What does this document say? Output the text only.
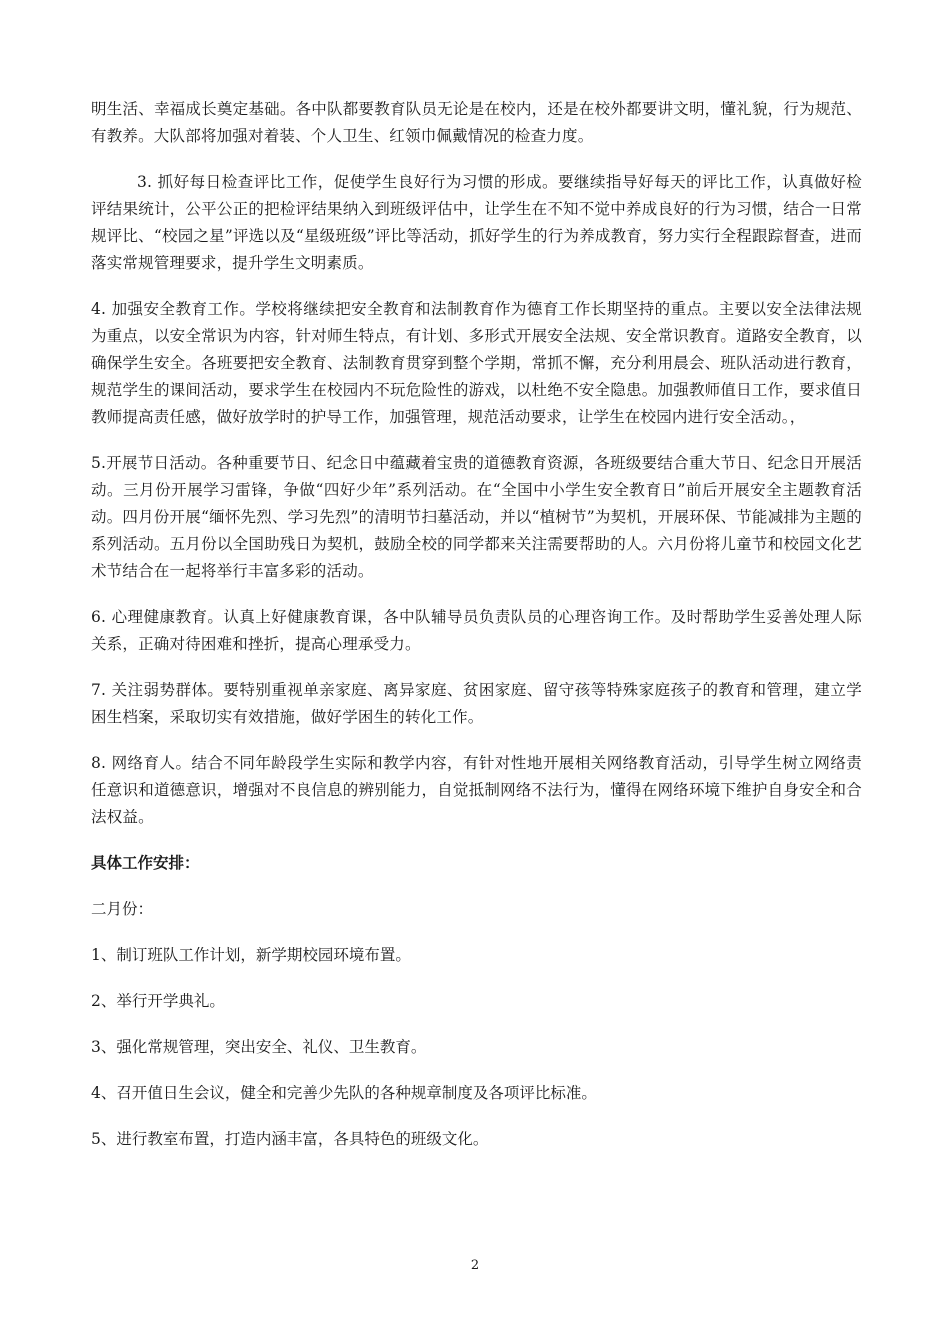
明生活、幸福成长奠定基础。各中队都要教育队员无论是在校内，还是在校外都要讲文明，懂礼貌，行为规范、有教养。大队部将加强对着装、个人卫生、红领巾佩戴情况的检查力度。

3. 抓好每日检查评比工作，促使学生良好行为习惯的形成。要继续指导好每天的评比工作，认真做好检评结果统计，公平公正的把检评结果纳入到班级评估中，让学生在不知不觉中养成良好的行为习惯，结合一日常规评比、“校园之星”评选以及“星级班级”评比等活动，抓好学生的行为养成教育，努力实行全程跟踪督查，进而落实常规管理要求，提升学生文明素质。

4. 加强安全教育工作。学校将继续把安全教育和法制教育作为德育工作长期坚持的重点。主要以安全法律法规为重点，以安全常识为内容，针对师生特点，有计划、多形式开展安全法规、安全常识教育。道路安全教育，以确保学生安全。各班要把安全教育、法制教育贯穿到整个学期，常抓不懈，充分利用晨会、班队活动进行教育，规范学生的课间活动，要求学生在校园内不玩危险性的游戏，以杜绝不安全隐患。加强教师值日工作，要求值日教师提高责任感，做好放学时的护导工作，加强管理，规范活动要求，让学生在校园内进行安全活动。，

5.开展节日活动。各种重要节日、纪念日中蕴藏着宝贵的道德教育资源，各班级要结合重大节日、纪念日开展活动。三月份开展学习雷锋，争做“四好少年”系列活动。在“全国中小学生安全教育日”前后开展安全主题教育活动。四月份开展“缅怀先烈、学习先烈”的清明节扫墓活动，并以“植树节”为契机，开展环保、节能减排为主题的系列活动。五月份以全国助残日为契机，鼓励全校的同学都来关注需要帮助的人。六月份将儿童节和校园文化艺术节结合在一起将举行丰富多彩的活动。

6. 心理健康教育。认真上好健康教育课，各中队辅导员负责队员的心理咨询工作。及时帮助学生妥善处理人际关系，正确对待困难和挫折，提高心理承受力。

7. 关注弱势群体。要特别重视单亲家庭、离异家庭、贫困家庭、留守孩等特殊家庭孩子的教育和管理，建立学困生档案，采取切实有效措施，做好学困生的转化工作。

8. 网络育人。结合不同年龄段学生实际和教学内容，有针对性地开展相关网络教育活动，引导学生树立网络责任意识和道德意识，增强对不良信息的辨别能力，自觉抵制网络不法行为，懂得在网络环境下维护自身安全和合法权益。

具体工作安排：
二月份：
1、制订班队工作计划，新学期校园环境布置。
2、举行开学典礼。
3、强化常规管理，突出安全、礼仪、卫生教育。
4、召开值日生会议，健全和完善少先队的各种规章制度及各项评比标准。
5、进行教室布置，打造内涵丰富，各具特色的班级文化。
2
